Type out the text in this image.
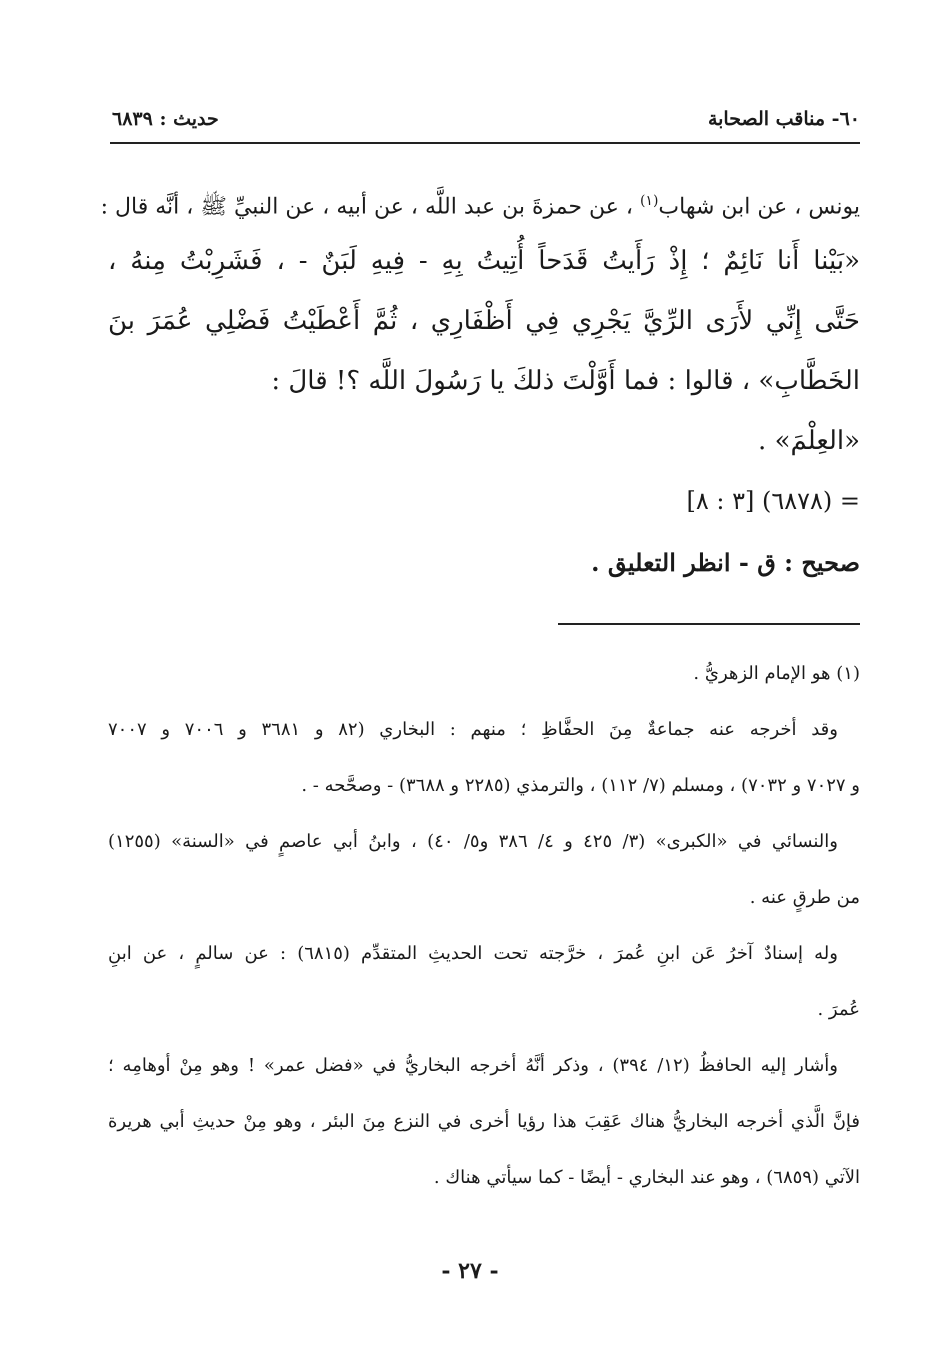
٦٠- مناقب الصحابة
حديث : ٦٨٣٩
يونس ، عن ابن شهاب$^{(١)}$ ، عن حمزةَ بن عبد اللَّه ، عن أبيه ، عن النبيِّ ﷺ ، أنَّه قال :
«بَيْنا أَنا نَائِمٌ ؛ إِذْ رَأَيتُ قَدَحاً أُتِيتُ بِهِ - فِيهِ لَبَنٌ - ، فَشَرِبْتُ مِنهُ ،
حَتَّى إِنِّي لأَرَى الرِّيَّ يَجْرِي فِي أَظْفَارِي ، ثُمَّ أَعْطَيْتُ فَضْلِي عُمَرَ بنَ
الخَطَّابِ» ، قالوا : فما أَوَّلْتَ ذلكَ يا رَسُولَ اللَّه ؟! قالَ :
«العِلْمَ» .
= (٦٨٧٨) [٣ : ٨]
صحيح : ق - انظر التعليق .
(١) هو الإمام الزهريُّ .
وقد أخرجه عنه جماعةٌ مِنَ الحفَّاظِ ؛ منهم : البخاري (٨٢ و ٣٦٨١ و ٧٠٠٦ و ٧٠٠٧
و ٧٠٢٧ و ٧٠٣٢) ، ومسلم (٧/ ١١٢) ، والترمذي (٢٢٨٥ و ٣٦٨٨) - وصحَّحه - .
والنسائي في «الكبرى» (٣/ ٤٢٥ و ٤/ ٣٨٦ و٥/ ٤٠) ، وابنُ أبي عاصمٍ في «السنة» (١٢٥٥)
من طرقٍ عنه .
وله إسنادٌ آخرُ عَن ابنِ عُمرَ ، خرَّجته تحت الحديثِ المتقدِّم (٦٨١٥) : عن سالمٍ ، عن ابنِ
عُمرَ .
وأشار إليه الحافظُ (١٢/ ٣٩٤) ، وذكر أنَّهُ أخرجه البخاريُّ في «فضل عمر» ! وهو مِنْ أوهامِه ؛
فإنَّ الَّذي أخرجه البخاريُّ هناك عَقِبَ هذا رؤيا أخرى في النزع مِنَ البئر ، وهو مِنْ حديثِ أبي هريرة
الآتي (٦٨٥٩) ، وهو عند البخاري - أيضًا - كما سيأتي هناك .
- ٢٧ -
